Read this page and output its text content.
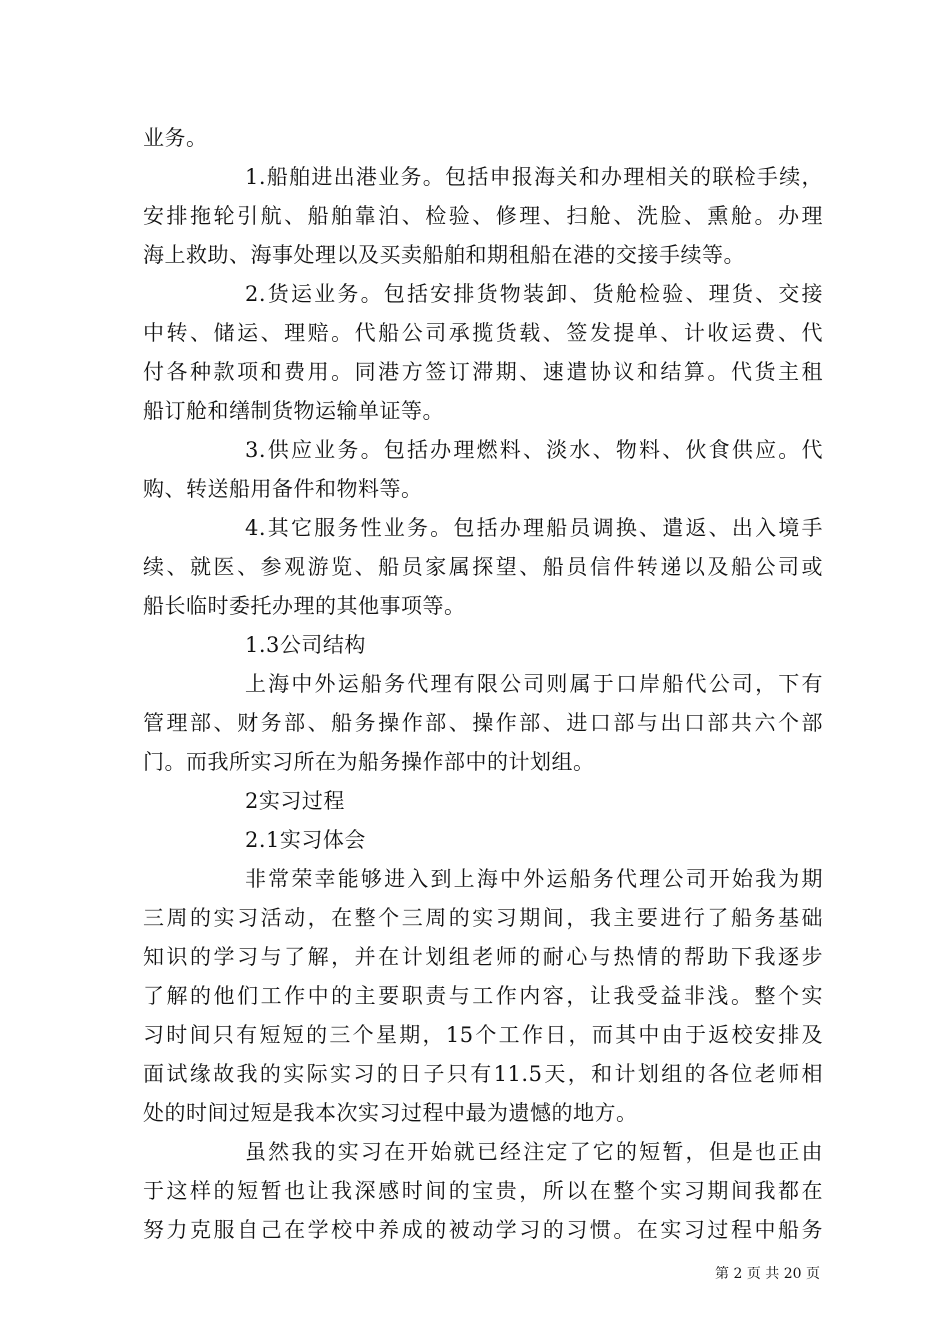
业务。
1.船舶进出港业务。包括申报海关和办理相关的联检手续，
安排拖轮引航、船舶靠泊、检验、修理、扫舱、洗脸、熏舱。办理
海上救助、海事处理以及买卖船舶和期租船在港的交接手续等。
2.货运业务。包括安排货物装卸、货舱检验、理货、交接
中转、储运、理赔。代船公司承揽货载、签发提单、计收运费、代
付各种款项和费用。同港方签订滞期、速遣协议和结算。代货主租
船订舱和缮制货物运输单证等。
3.供应业务。包括办理燃料、淡水、物料、伙食供应。代
购、转送船用备件和物料等。
4.其它服务性业务。包括办理船员调换、遣返、出入境手
续、就医、参观游览、船员家属探望、船员信件转递以及船公司或
船长临时委托办理的其他事项等。
1.3公司结构
上海中外运船务代理有限公司则属于口岸船代公司，下有
管理部、财务部、船务操作部、操作部、进口部与出口部共六个部
门。而我所实习所在为船务操作部中的计划组。
2实习过程
2.1实习体会
非常荣幸能够进入到上海中外运船务代理公司开始我为期
三周的实习活动，在整个三周的实习期间，我主要进行了船务基础
知识的学习与了解，并在计划组老师的耐心与热情的帮助下我逐步
了解的他们工作中的主要职责与工作内容，让我受益非浅。整个实
习时间只有短短的三个星期，15个工作日，而其中由于返校安排及
面试缘故我的实际实习的日子只有11.5天，和计划组的各位老师相
处的时间过短是我本次实习过程中最为遗憾的地方。
虽然我的实习在开始就已经注定了它的短暂，但是也正由
于这样的短暂也让我深感时间的宝贵，所以在整个实习期间我都在
努力克服自己在学校中养成的被动学习的习惯。在实习过程中船务
第 2 页 共 20 页
